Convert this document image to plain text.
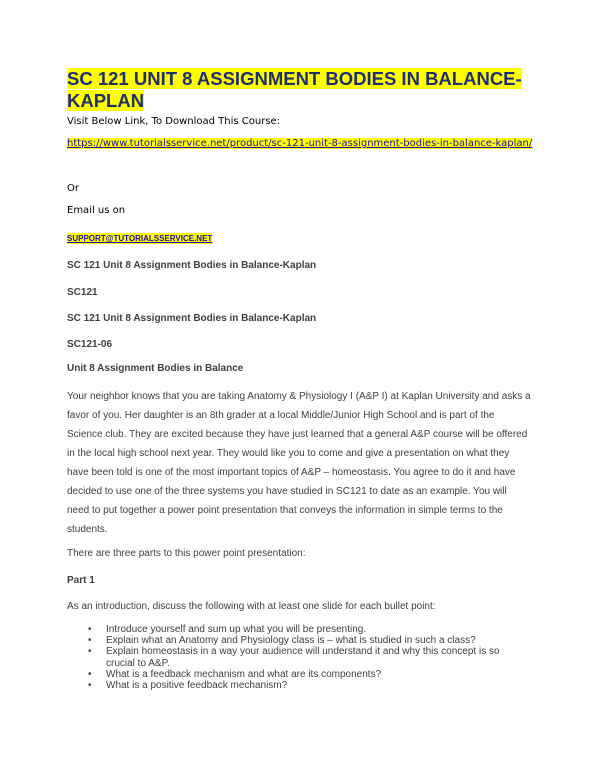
SC 121 UNIT 8 ASSIGNMENT BODIES IN BALANCE-
KAPLAN
Visit Below Link, To Download This Course:
https://www.tutorialsservice.net/product/sc-121-unit-8-assignment-bodies-in-balance-kaplan/
Or
Email us on
SUPPORT@TUTORIALSSERVICE.NET
SC 121 Unit 8 Assignment Bodies in Balance-Kaplan
SC121
SC 121 Unit 8 Assignment Bodies in Balance-Kaplan
SC121-06
Unit 8 Assignment Bodies in Balance
Your neighbor knows that you are taking Anatomy & Physiology I (A&P I) at Kaplan University and asks a
favor of you. Her daughter is an 8th grader at a local Middle/Junior High School and is part of the
Science club. They are excited because they have just learned that a general A&P course will be offered
in the local high school next year. They would like you to come and give a presentation on what they
have been told is one of the most important topics of A&P – homeostasis. You agree to do it and have
decided to use one of the three systems you have studied in SC121 to date as an example. You will
need to put together a power point presentation that conveys the information in simple terms to the
students.
There are three parts to this power point presentation:
Part 1
As an introduction, discuss the following with at least one slide for each bullet point:
• Introduce yourself and sum up what you will be presenting.
• Explain what an Anatomy and Physiology class is – what is studied in such a class?
• Explain homeostasis in a way your audience will understand it and why this concept is so crucial to A&P.
• What is a feedback mechanism and what are its components?
• What is a positive feedback mechanism?
